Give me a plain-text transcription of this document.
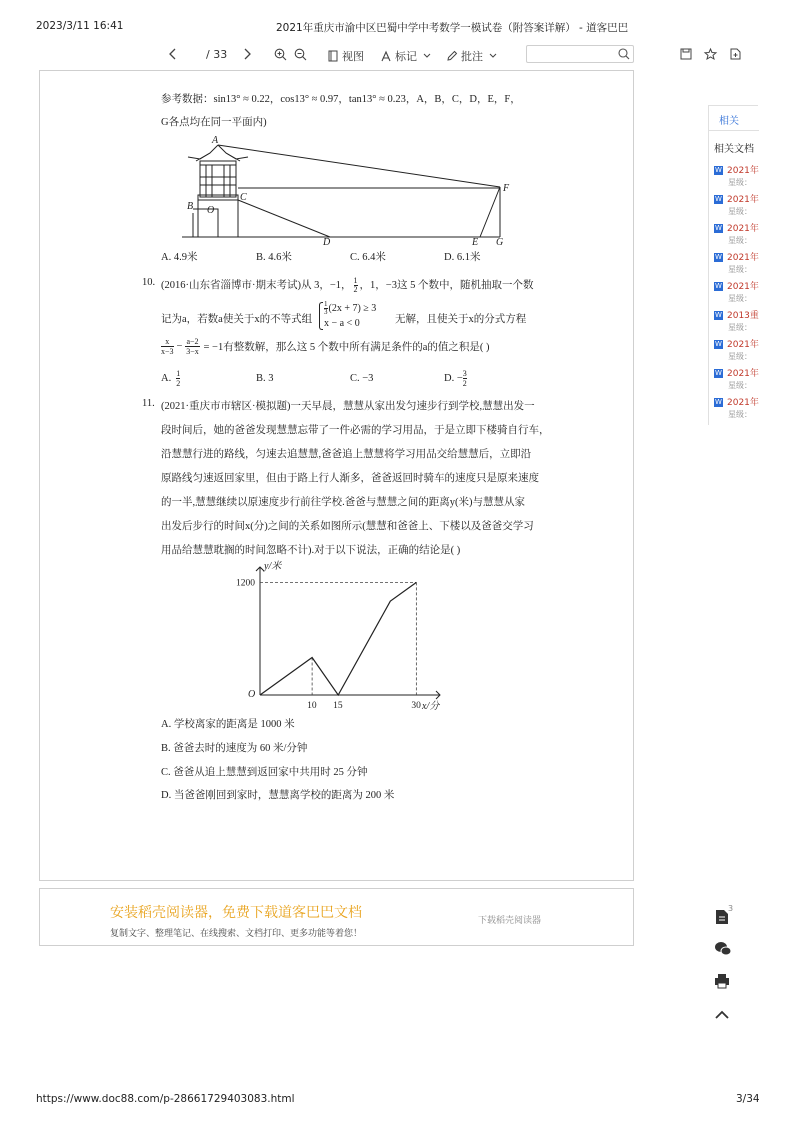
2023/3/11 16:41	2021年重庆市渝中区巴蜀中学中考数学一模试卷（附答案详解） - 道客巴巴
/ 33	视图	标记	批注
参考数据：sin13° ≈ 0.22，cos13° ≈ 0.97，tan13° ≈ 0.23，A，B，C，D，E，F，
G各点均在同一平面内)
A
B O
C
D	E
F
G
A. 4.9米	B. 4.6米	C. 6.4米	D. 6.1米
10. (2016·山东省淄博市·期末考试)从 3，−1， $\frac{1}{2}$ ，1，−3这 5 个数中，随机抽取一个数
记为a，若数a使关于x的不等式组
$\frac{1}{3} (2x + 7) \ge 3$
x − a < 0	无解，且使关于x的分式方程
$\frac{x}{x-3} - \frac{a-2}{3-x} = -1$有整数解，那么这 5 个数中所有满足条件的a的值之积是( )
A. $\frac{1}{2}$	B. 3	C. −3	D. − $\frac{3}{2}$
11. (2021·重庆市市辖区·模拟题)一天早晨，慧慧从家出发匀速步行到学校,慧慧出发一
段时间后，她的爸爸发现慧慧忘带了一件必需的学习用品，于是立即下楼骑自行车，
沿慧慧行进的路线，匀速去追慧慧,爸爸追上慧慧将学习用品交给慧慧后，立即沿
原路线匀速返回家里，但由于路上行人渐多，爸爸返回时骑车的速度只是原来速度
的一半,慧慧继续以原速度步行前往学校.爸爸与慧慧之间的距离y(米)与慧慧从家
出发后步行的时间x(分)之间的关系如图所示(慧慧和爸爸上、下楼以及爸爸交学习
用品给慧慧耽搁的时间忽略不计).对于以下说法，正确的结论是( )
10 15	30
1200
y/米
x/分
O
A. 学校离家的距离是 1000 米
B. 爸爸去时的速度为 60 米/分钟
C. 爸爸从追上慧慧到返回家中共用时 25 分钟
D. 当爸爸刚回到家时，慧慧离学校的距离为 200 米
安装稻壳阅读器，免费下载道客巴巴文档
复制文字、整理笔记、在线搜索、文档打印、更多功能等着您！
下载稻壳阅读器
相关
相关文档
W 2021年
星级：
W 2021年
星级：
W 2021年
星级：
W 2021年
星级：
W 2021年
星级：
W 2013重
星级：
W 2021年
星级：
W 2021年
星级：
W 2021年
星级：
3
https://www.doc88.com/p-28661729403083.html	3/34
